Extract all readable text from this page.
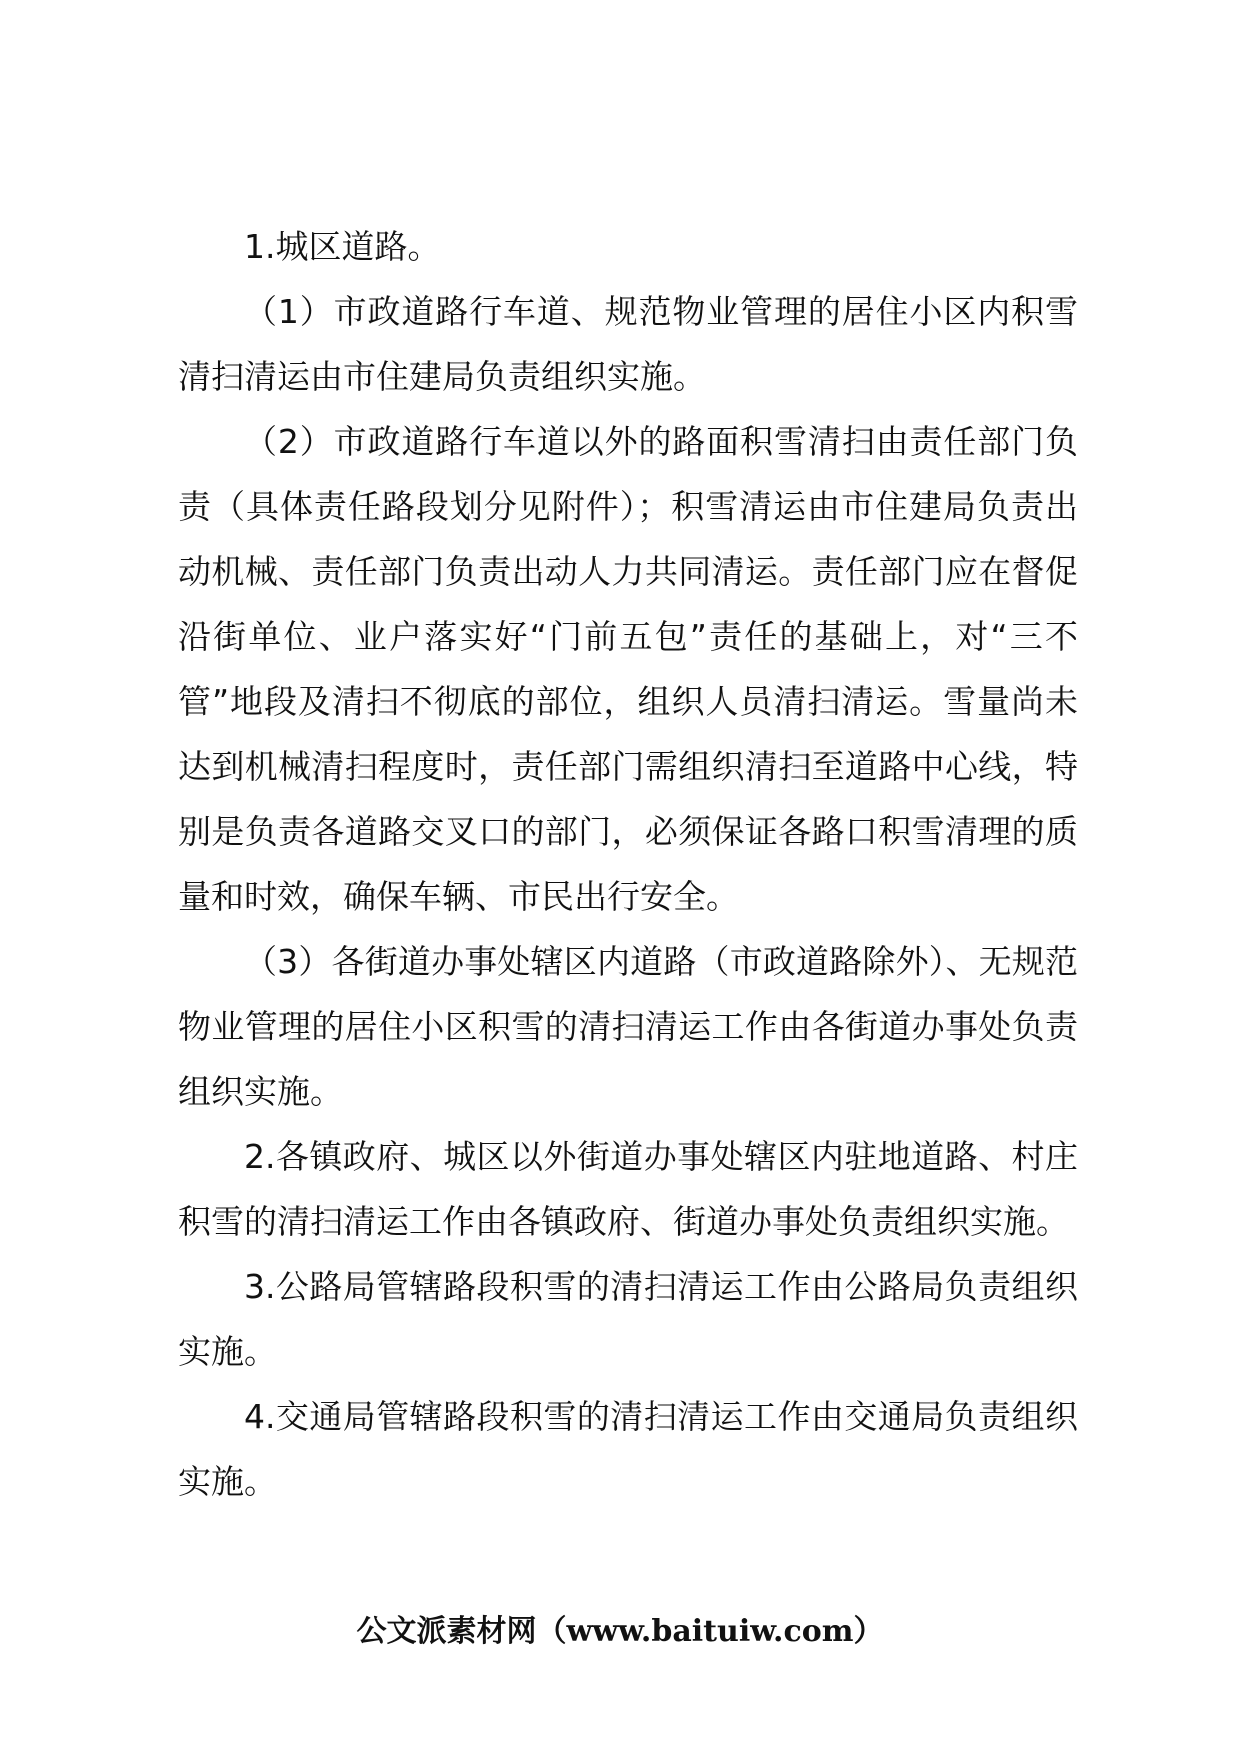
1.城区道路。

（1）市政道路行车道、规范物业管理的居住小区内积雪清扫清运由市住建局负责组织实施。

（2）市政道路行车道以外的路面积雪清扫由责任部门负责（具体责任路段划分见附件）；积雪清运由市住建局负责出动机械、责任部门负责出动人力共同清运。责任部门应在督促沿街单位、业户落实好“门前五包”责任的基础上，对“三不管”地段及清扫不彻底的部位，组织人员清扫清运。雪量尚未达到机械清扫程度时，责任部门需组织清扫至道路中心线，特别是负责各道路交叉口的部门，必须保证各路口积雪清理的质量和时效，确保车辆、市民出行安全。

（3）各街道办事处辖区内道路（市政道路除外）、无规范物业管理的居住小区积雪的清扫清运工作由各街道办事处负责组织实施。

2.各镇政府、城区以外街道办事处辖区内驻地道路、村庄积雪的清扫清运工作由各镇政府、街道办事处负责组织实施。

3.公路局管辖路段积雪的清扫清运工作由公路局负责组织实施。

4.交通局管辖路段积雪的清扫清运工作由交通局负责组织实施。

公文派素材网（www.baituiw.com）
